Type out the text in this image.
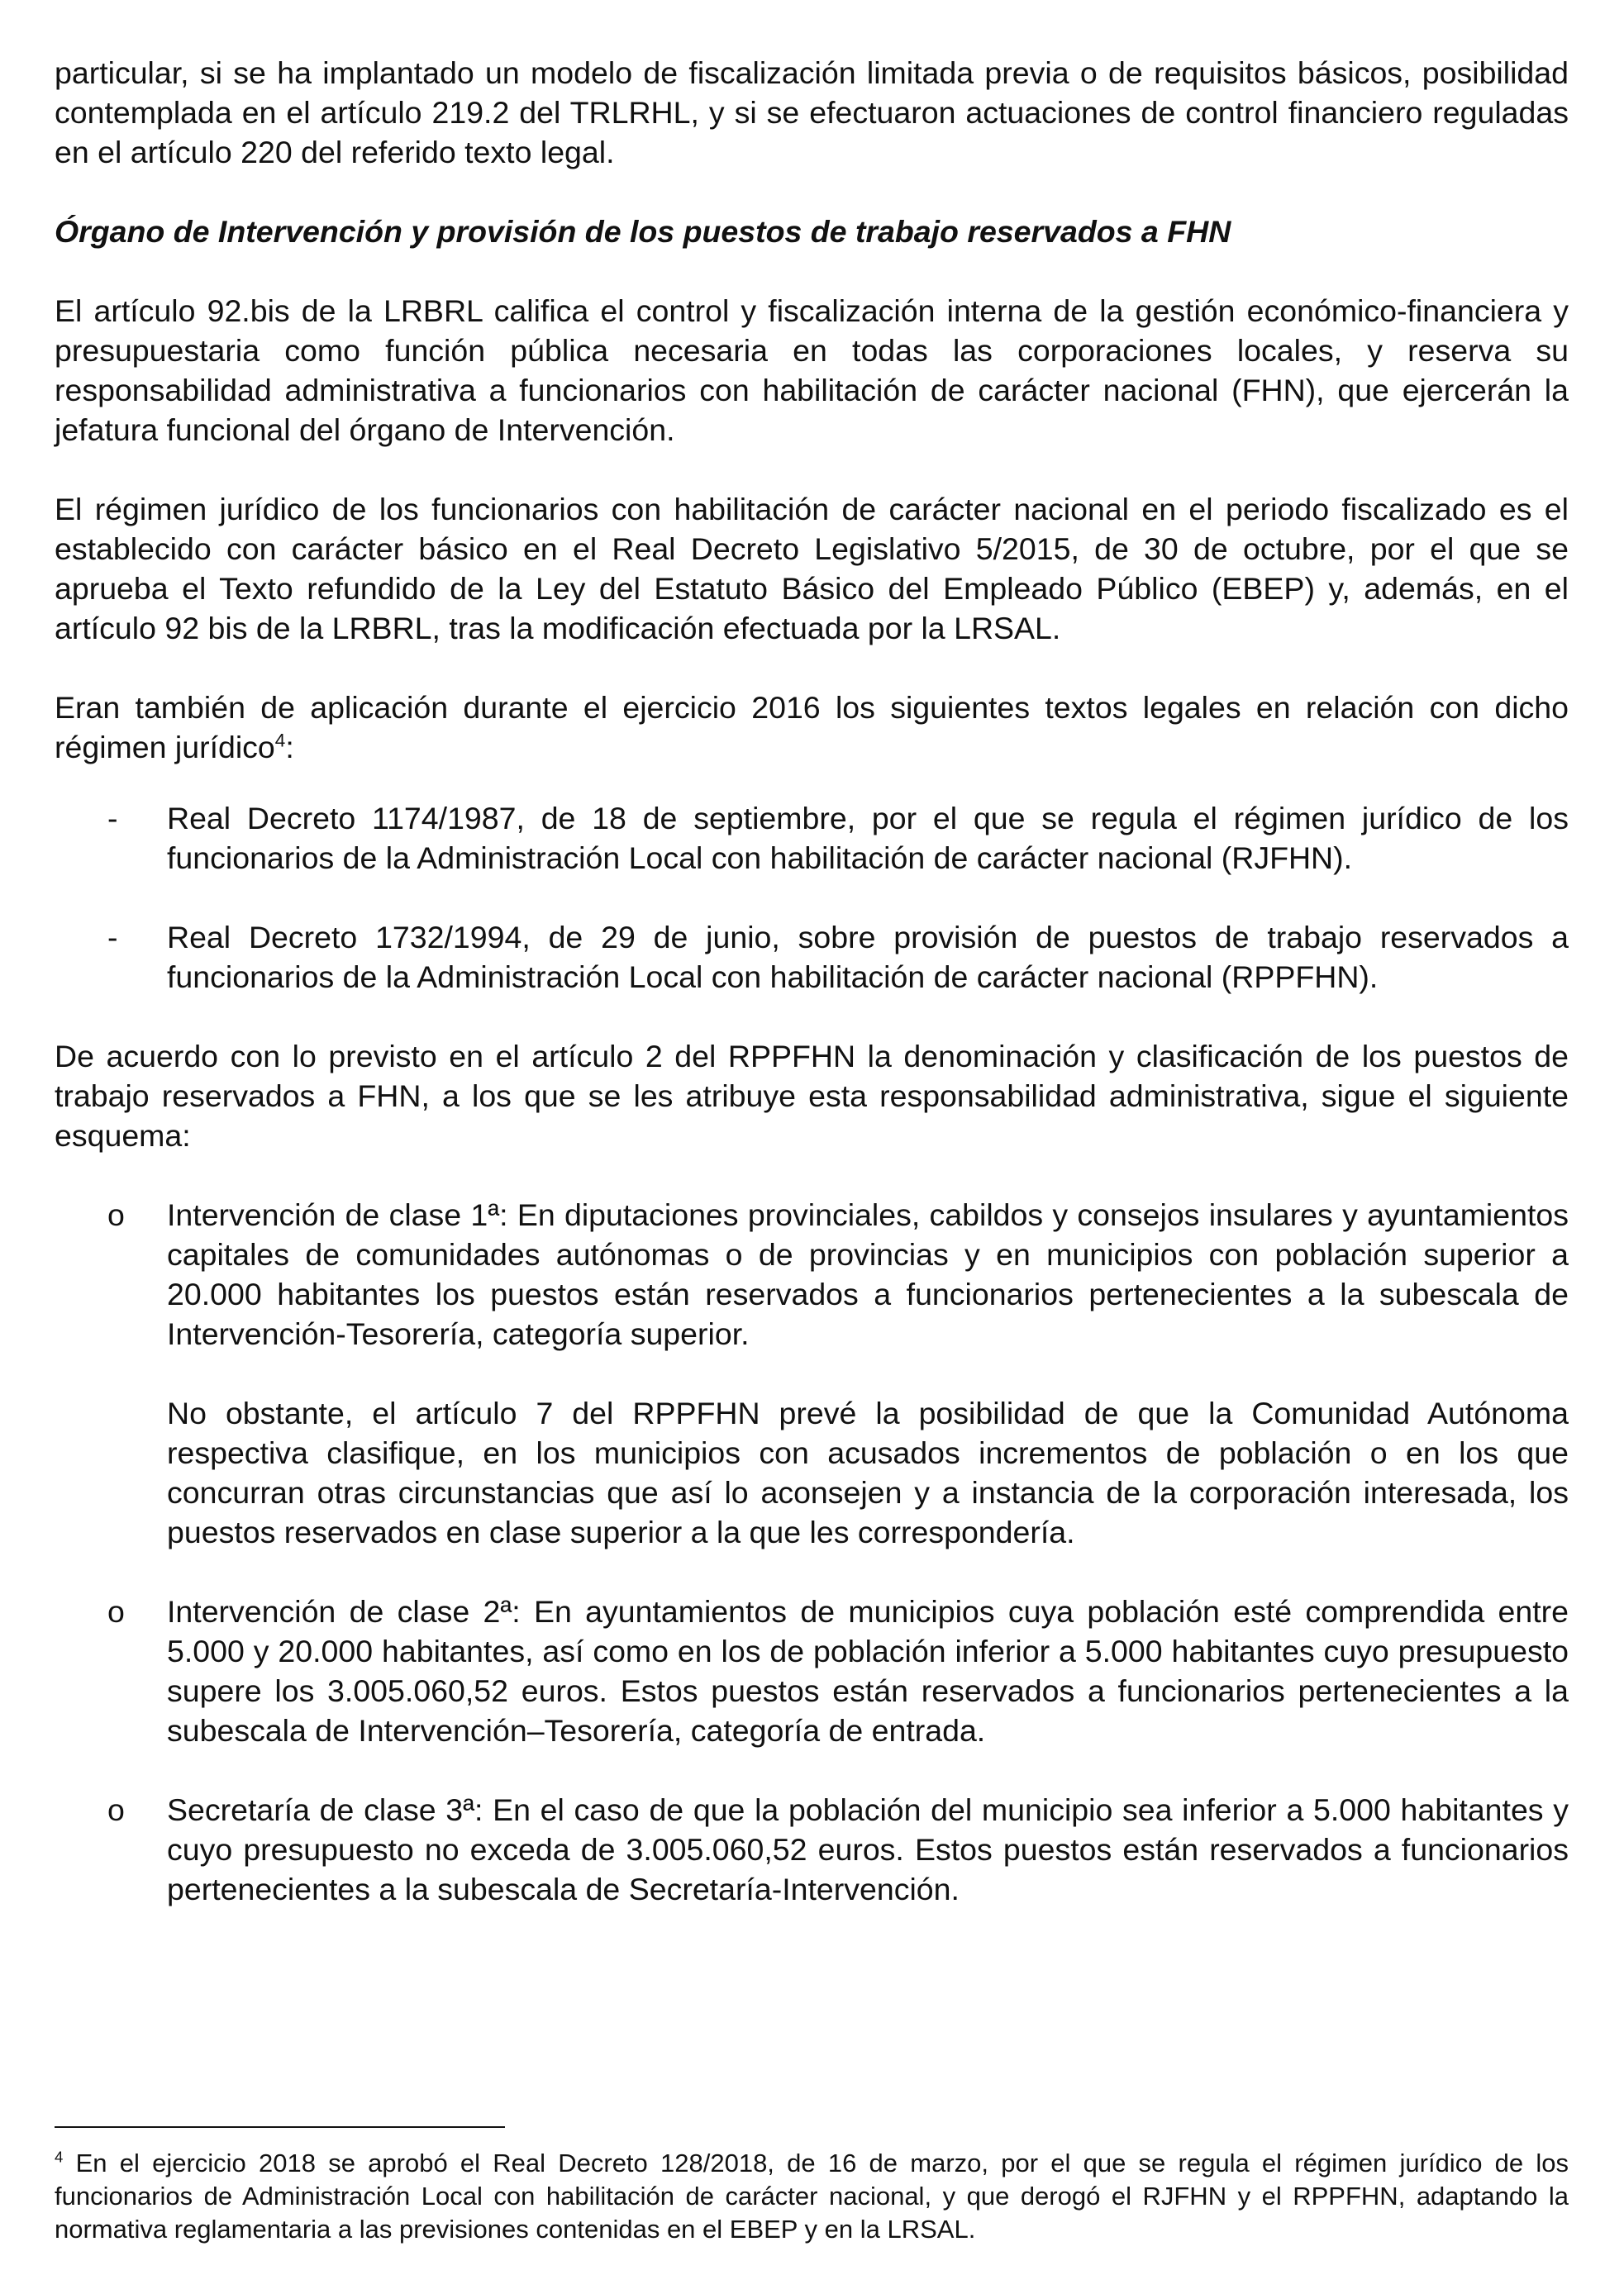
particular, si se ha implantado un modelo de fiscalización limitada previa o de requisitos básicos, posibilidad contemplada en el artículo 219.2 del TRLRHL, y si se efectuaron actuaciones de control financiero reguladas en el artículo 220 del referido texto legal.

Órgano de Intervención y provisión de los puestos de trabajo reservados a FHN

El artículo 92.bis de la LRBRL califica el control y fiscalización interna de la gestión económico-financiera y presupuestaria como función pública necesaria en todas las corporaciones locales, y reserva su responsabilidad administrativa a funcionarios con habilitación de carácter nacional (FHN), que ejercerán la jefatura funcional del órgano de Intervención.

El régimen jurídico de los funcionarios con habilitación de carácter nacional en el periodo fiscalizado es el establecido con carácter básico en el Real Decreto Legislativo 5/2015, de 30 de octubre, por el que se aprueba el Texto refundido de la Ley del Estatuto Básico del Empleado Público (EBEP) y, además, en el artículo 92 bis de la LRBRL, tras la modificación efectuada por la LRSAL.

Eran también de aplicación durante el ejercicio 2016 los siguientes textos legales en relación con dicho régimen jurídico$^4$:

- Real Decreto 1174/1987, de 18 de septiembre, por el que se regula el régimen jurídico de los funcionarios de la Administración Local con habilitación de carácter nacional (RJFHN).

- Real Decreto 1732/1994, de 29 de junio, sobre provisión de puestos de trabajo reservados a funcionarios de la Administración Local con habilitación de carácter nacional (RPPFHN).

De acuerdo con lo previsto en el artículo 2 del RPPFHN la denominación y clasificación de los puestos de trabajo reservados a FHN, a los que se les atribuye esta responsabilidad administrativa, sigue el siguiente esquema:

o Intervención de clase 1ª: En diputaciones provinciales, cabildos y consejos insulares y ayuntamientos capitales de comunidades autónomas o de provincias y en municipios con población superior a 20.000 habitantes los puestos están reservados a funcionarios pertenecientes a la subescala de Intervención-Tesorería, categoría superior.

No obstante, el artículo 7 del RPPFHN prevé la posibilidad de que la Comunidad Autónoma respectiva clasifique, en los municipios con acusados incrementos de población o en los que concurran otras circunstancias que así lo aconsejen y a instancia de la corporación interesada, los puestos reservados en clase superior a la que les correspondería.

o Intervención de clase 2ª: En ayuntamientos de municipios cuya población esté comprendida entre 5.000 y 20.000 habitantes, así como en los de población inferior a 5.000 habitantes cuyo presupuesto supere los 3.005.060,52 euros. Estos puestos están reservados a funcionarios pertenecientes a la subescala de Intervención–Tesorería, categoría de entrada.

o Secretaría de clase 3ª: En el caso de que la población del municipio sea inferior a 5.000 habitantes y cuyo presupuesto no exceda de 3.005.060,52 euros. Estos puestos están reservados a funcionarios pertenecientes a la subescala de Secretaría-Intervención.

$^4$ En el ejercicio 2018 se aprobó el Real Decreto 128/2018, de 16 de marzo, por el que se regula el régimen jurídico de los funcionarios de Administración Local con habilitación de carácter nacional, y que derogó el RJFHN y el RPPFHN, adaptando la normativa reglamentaria a las previsiones contenidas en el EBEP y en la LRSAL.
